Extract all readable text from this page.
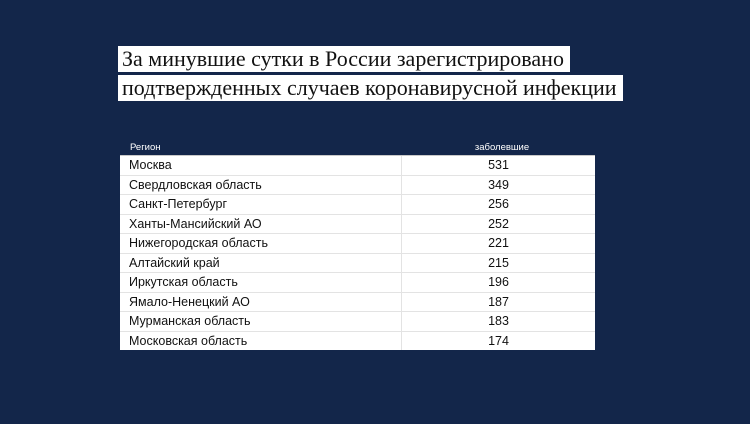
За минувшие сутки в России зарегистрировано
подтвержденных случаев коронавирусной инфекции
Регион	заболевшие
Москва	531
Свердловская область	349
Санкт-Петербург	256
Ханты-Мансийский АО	252
Нижегородская область	221
Алтайский край	215
Иркутская область	196
Ямало-Ненецкий АО	187
Мурманская область	183
Московская область	174
